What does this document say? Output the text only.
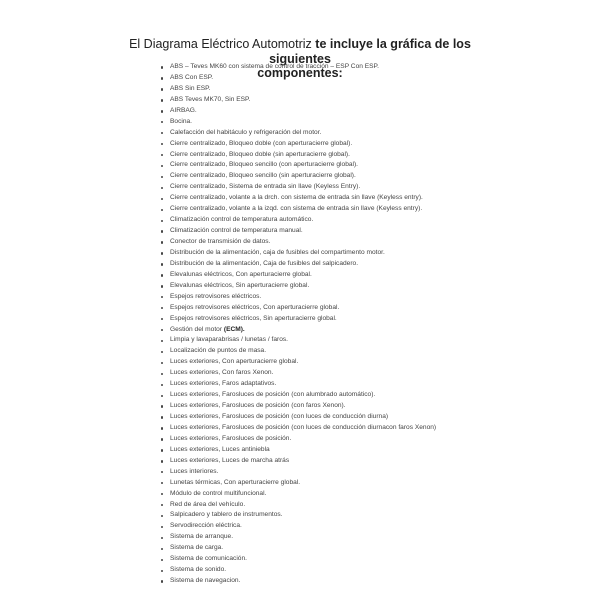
El Diagrama Eléctrico Automotriz te incluye la gráfica de los siguientes
componentes:
ABS – Teves MK60 con sistema de control de tracción – ESP Con ESP.
ABS Con ESP.
ABS Sin ESP.
ABS Teves MK70, Sin ESP.
AIRBAG.
Bocina.
Calefacción del habitáculo y refrigeración del motor.
Cierre centralizado, Bloqueo doble (con aperturacierre global).
Cierre centralizado, Bloqueo doble (sin aperturacierre global).
Cierre centralizado, Bloqueo sencillo (con aperturacierre global).
Cierre centralizado, Bloqueo sencillo (sin aperturacierre global).
Cierre centralizado, Sistema de entrada sin llave (Keyless Entry).
Cierre centralizado, volante a la drch. con sistema de entrada sin llave (Keyless entry).
Cierre centralizado, volante a la izqd. con sistema de entrada sin llave (Keyless entry).
Climatización control de temperatura automático.
Climatización control de temperatura manual.
Conector de transmisión de datos.
Distribución de la alimentación, caja de fusibles del compartimento motor.
Distribución de la alimentación, Caja de fusibles del salpicadero.
Elevalunas eléctricos, Con aperturacierre global.
Elevalunas eléctricos, Sin aperturacierre global.
Espejos retrovisores eléctricos.
Espejos retrovisores eléctricos, Con aperturacierre global.
Espejos retrovisores eléctricos, Sin aperturacierre global.
Gestión del motor (ECM).
Limpia y lavaparabrisas / lunetas / faros.
Localización de puntos de masa.
Luces exteriores, Con aperturacierre global.
Luces exteriores, Con faros Xenon.
Luces exteriores, Faros adaptativos.
Luces exteriores, Farosluces de posición (con alumbrado automático).
Luces exteriores, Farosluces de posición (con faros Xenon).
Luces exteriores, Farosluces de posición (con luces de conducción diurna)
Luces exteriores, Farosluces de posición (con luces de conducción diurnacon faros Xenon)
Luces exteriores, Farosluces de posición.
Luces exteriores, Luces antiniebla
Luces exteriores, Luces de marcha atrás
Luces interiores.
Lunetas térmicas, Con aperturacierre global.
Módulo de control multifuncional.
Red de área del vehículo.
Salpicadero y tablero de instrumentos.
Servodirección eléctrica.
Sistema de arranque.
Sistema de carga.
Sistema de comunicación.
Sistema de sonido.
Sistema de navegacion.
